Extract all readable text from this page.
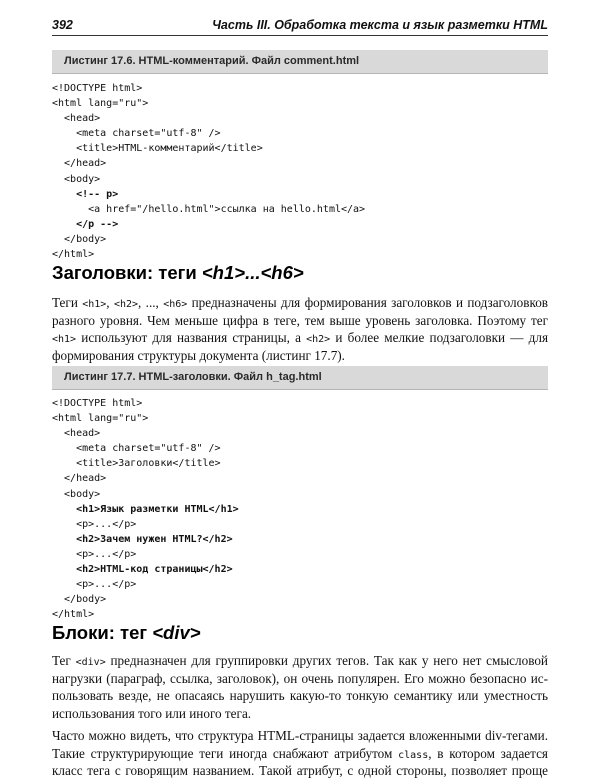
392	Часть III. Обработка текста и язык разметки HTML
Листинг 17.6. HTML-комментарий. Файл comment.html
<!DOCTYPE html>
<html lang="ru">
<head>
<meta charset="utf-8" />
<title>HTML-комментарий</title>
</head>
<body>
<!-- p>
<a href="/hello.html">ссылка на hello.html</a>
</p -->
</body>
</html>
Заголовки: теги <h1>...<h6>

Теги <h1>, <h2>, ..., <h6> предназначены для формирования заголовков и подзаголовков
разного уровня. Чем меньше цифра в теге, тем выше уровень заголовка. Поэтому тег
<h1> используют для названия страницы, а <h2> и более мелкие подзаголовки — для
формирования структуры документа (листинг 17.7).

Листинг 17.7. HTML-заголовки. Файл h_tag.html
<!DOCTYPE html>
<html lang="ru">
<head>
<meta charset="utf-8" />
<title>Заголовки</title>
</head>
<body>
<h1>Язык разметки HTML</h1>
<p>...</p>
<h2>Зачем нужен HTML?</h2>
<p>...</p>
<h2>HTML-код страницы</h2>
<p>...</p>
</body>
</html>
Блоки: тег <div>

Тег <div> предназначен для группировки других тегов. Так как у него нет смысловой
нагрузки (параграф, ссылка, заголовок), он очень популярен. Его можно безопасно ис-
пользовать везде, не опасаясь нарушить какую-то тонкую семантику или уместность
использования того или иного тега.

Часто можно видеть, что структура HTML-страницы задается вложенными div-тегами.
Такие структурирующие теги иногда снабжают атрибутом class, в котором задается
класс тега с говорящим названием. Такой атрибут, с одной стороны, позволяет проще
